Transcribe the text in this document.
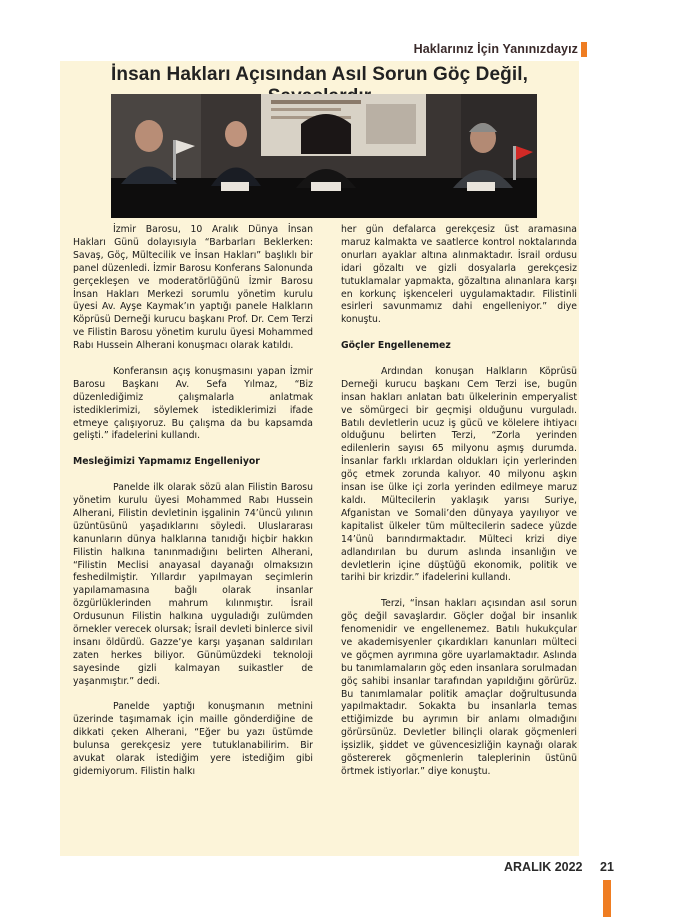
Haklarınız İçin Yanınızdayız
İnsan Hakları Açısından Asıl Sorun Göç Değil,

İzmir Barosu, 10 Aralık Dünya İnsan Hakları Günü dolayısıyla “Barbarları Beklerken: Savaş, Göç, Mültecilik ve İnsan Hakları” başlıklı bir panel düzenledi. İzmir Barosu Konferans Salonunda gerçekleşen ve moderatörlüğünü İzmir Barosu İnsan Hakları Merkezi sorumlu yönetim kurulu üyesi Av. Ayşe Kaymak’ın yaptığı panele Halkların Köprüsü Derneği kurucu başkanı Prof. Dr. Cem Terzi ve Filistin Barosu yönetim kurulu üyesi Mohammed Rabı Hussein Alherani konuşmacı olarak katıldı.

Konferansın açış konuşmasını yapan İzmir Barosu Başkanı Av. Sefa Yılmaz, “Biz düzenlediğimiz çalışmalarla anlatmak istediklerimizi, söylemek istediklerimizi ifade etmeye çalışıyoruz. Bu çalışma da bu kapsamda gelişti.” ifadelerini kullandı.

Mesleğimizi Yapmamız Engelleniyor

Panelde ilk olarak sözü alan Filistin Barosu yönetim kurulu üyesi Mohammed Rabı Hussein Alherani, Filistin devletinin işgalinin 74’üncü yılının üzüntüsünü yaşadıklarını söyledi. Uluslararası kanunların dünya halklarına tanıdığı hiçbir hakkın Filistin halkına tanınmadığını belirten Alherani, “Filistin Meclisi anayasal dayanağı olmaksızın feshedilmiştir. Yıllardır yapılmayan seçimlerin yapılamamasına bağlı olarak insanlar özgürlüklerinden mahrum kılınmıştır. İsrail Ordusunun Filistin halkına uyguladığı zulümden örnekler verecek olursak; İsrail devleti binlerce sivil insanı öldürdü. Gazze’ye karşı yaşanan saldırıları zaten herkes biliyor. Günümüzdeki teknoloji sayesinde gizli kalmayan suikastler de yaşanmıştır.” dedi.

Panelde yaptığı konuşmanın metnini üzerinde taşımamak için maille gönderdiğine de dikkati çeken Alherani, “Eğer bu yazı üstümde bulunsa gerekçesiz yere tutuklanabilirim. Bir avukat olarak istediğim yere istediğim gibi gidemiyorum. Filistin halkı

her gün defalarca gerekçesiz üst aramasına maruz kalmakta ve saatlerce kontrol noktalarında onurları ayaklar altına alınmaktadır. İsrail ordusu idari gözaltı ve gizli dosyalarla gerekçesiz tutuklamalar yapmakta, gözaltına alınanlara karşı en korkunç işkenceleri uygulamaktadır. Filistinli esirleri savunmamız dahi engelleniyor.” diye konuştu.

Göçler Engellenemez

Ardından konuşan Halkların Köprüsü Derneği kurucu başkanı Cem Terzi ise, bugün insan hakları anlatan batı ülkelerinin emperyalist ve sömürgeci bir geçmişi olduğunu vurguladı. Batılı devletlerin ucuz iş gücü ve kölelere ihtiyacı olduğunu belirten Terzi, “Zorla yerinden edilenlerin sayısı 65 milyonu aşmış durumda. İnsanlar farklı ırklardan oldukları için yerlerinden göç etmek zorunda kalıyor. 40 milyonu aşkın insan ise ülke içi zorla yerinden edilmeye maruz kaldı. Mültecilerin yaklaşık yarısı Suriye, Afganistan ve Somali’den dünyaya yayılıyor ve kapitalist ülkeler tüm mültecilerin sadece yüzde 14’ünü barındırmaktadır. Mülteci krizi diye adlandırılan bu durum aslında insanlığın ve devletlerin içine düştüğü ekonomik, politik ve tarihi bir krizdir.” ifadelerini kullandı.

Terzi, “İnsan hakları açısından asıl sorun göç değil savaşlardır. Göçler doğal bir insanlık fenomenidir ve engellenemez. Batılı hukukçular ve akademisyenler çıkardıkları kanunları mülteci ve göçmen ayrımına göre uyarlamaktadır. Aslında bu tanımlamaların göç eden insanlara sorulmadan göç sahibi insanlar tarafından yapıldığını görürüz. Bu tanımlamalar politik amaçlar doğrultusunda yapılmaktadır. Sokakta bu insanlarla temas ettiğimizde bu ayrımın bir anlamı olmadığını görürsünüz. Devletler bilinçli olarak göçmenleri işsizlik, şiddet ve güvencesizliğin kaynağı olarak göstererek göçmenlerin taleplerinin üstünü örtmek istiyorlar.” diye konuştu.

ARALIK 2022 21
